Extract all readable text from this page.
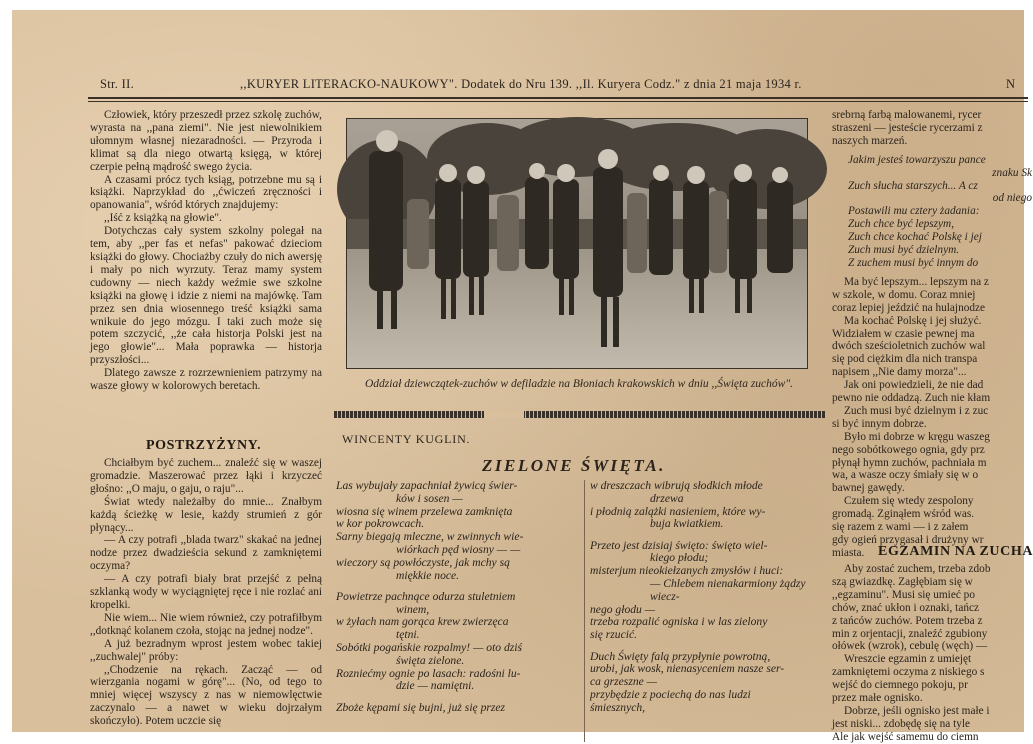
Str. II.	,,KURYER LITERACKO-NAUKOWY". Dodatek do Nru 139. ,,Il. Kuryera Codz." z dnia 21 maja 1934 r.	N

Człowiek, który przeszedł przez szkolę zuchów, wyrasta na ,,pana ziemi". Nie jest niewolnikiem ułomnym własnej niezaradności. — Przyroda i klimat są dla niego otwartą księgą, w której czerpie pełną mądrość swego życia.

A czasami prócz tych ksiąg, potrzebne mu są i książki. Naprzykład do ,,ćwiczeń zręczności i opanowania", wśród których znajdujemy:

,,Iść z książką na głowie".

Dotychczas cały system szkolny polegał na tem, aby ,,per fas et nefas" pakować dzieciom książki do głowy. Chociażby czuły do nich awersję i mały po nich wyrzuty. Teraz mamy system cudowny — niech każdy weźmie swe szkolne książki na głowę i idzie z niemi na majówkę. Tam przez sen dnia wiosennego treść książki sama wnikuie do jego mózgu. I taki zuch może się potem szczycić, ,,że cała historja Polski jest na jego głowie"... Mała poprawka — historja przyszłości...

Dlatego zawsze z rozrzewnieniem patrzymy na wasze głowy w kolorowych beretach.

POSTRZYŻYNY.

Chciałbym być zuchem... znaleźć się w waszej gromadzie. Maszerować przez łąki i krzyczeć głośno: ,,O maju, o gaju, o raju"...

Świat wtedy należałby do mnie... Znałbym każdą ścieżkę w lesie, każdy strumień z gór płynący...

— A czy potrafi ,,blada twarz" skakać na jednej nodze przez dwadzieścia sekund z zamkniętemi oczyma?

— A czy potrafi biały brat przejść z pełną szklanką wody w wyciągniętej ręce i nie rozlać ani kropelki.

Nie wiem... Nie wiem również, czy potrafiłbym ,,dotknąć kolanem czoła, stojąc na jednej nodze".

A już bezradnym wprost jestem wobec takiej ,,zuchwalej" próby:

,,Chodzenie na rękach. Zacząć — od wierzgania nogami w górę"... (No, od tego to mniej więcej wszyscy z nas w niemowlęctwie zaczynalo — a nawet w wieku dojrzałym skończyło). Potem uczcie się

Oddział dziewczątek-zuchów w defiladzie na Błoniach krakowskich w dniu ,,Święta zuchów".
WINCENTY KUGLIN.
ZIELONE ŚWIĘTA.
Las wybujały zapachniał żywicą świer-
ków i sosen —
wiosna się winem przelewa zamknięta
w kor pokrowcach.
Sarny biegają mleczne, w zwinnych wie-
wiórkach pęd wiosny — —
wieczory są powłóczyste, jak mchy są
miękkie noce.
Powietrze pachnące odurza stuletniem
winem,
w żyłach nam gorąca krew zwierzęca
tętni.
Sobótki pogańskie rozpalmy! — oto dziś
święta zielone.
Rozniećmy ognie po lasach: radośni lu-
dzie — namiętni.
Zboże kępami się bujni, już się przez
w dreszczach wibrują słodkich młode
drzewa
i płodnią zalążki nasieniem, które wy-
buja kwiatkiem.
Przeto jest dzisiaj święto: święto wiel-
kiego płodu;
misterjum nieokiełzanych zmysłów i huci:
— Chlebem nienakarmiony żądzy wiecz-
nego głodu —
trzeba rozpalić ogniska i w las zielony
się rzucić.
Duch Święty falą przypłynie powrotną,
urobi, jak wosk, nienasyceniem nasze ser-
ca grzeszne —
przybędzie z pociechą do nas ludzi
śmiesznych,
srebrną farbą malowanemi, rycer
straszeni — jesteście rycerzami z
naszych marzeń.
Jakim jesteś towarzyszu pance
znaku Sk
Zuch słucha starszych... A cz
od niego
Postawili mu cztery żadania:
Zuch chce być lepszym,
Zuch chce kochać Polskę i jej
Zuch musi być dzielnym.
Z zuchem musi być innym do
Ma być lepszym... lepszym na z
w szkole, w domu. Coraz mniej
coraz lepiej jeździć na hulajnodze
Ma kochać Polskę i jej służyć.
Widziałem w czasie pewnej ma
dwóch sześcioletnich zuchów wal
się pod ciężkim dla nich transpa
napisem ,,Nie damy morza"...
Jak oni powiedzieli, że nie dad
pewno nie oddadzą. Zuch nie kłam
Zuch musi być dzielnym i z zuc
si być innym dobrze.
Było mi dobrze w kręgu waszeg
nego sobótkowego ognia, gdy prz
płynął hymn zuchów, pachniała m
wa, a wasze oczy śmiały się w o
bawnej gawędy.
Czułem się wtedy zespolony
gromadą. Zginąłem wśród was.
się razem z wami — i z załem
gdy ogień przygasał i drużyny wr
miasta. EGZAMIN NA ZUCHA
Aby zostać zuchem, trzeba zdob
szą gwiazdkę. Zagłębiam się w
,,egzaminu". Musi się umieć po
chów, znać ukłon i oznaki, tańcz
z tańców zuchów. Potem trzeba z
min z orjentacji, znaleźć zgubiony
ołówek (wzrok), cebulę (węch) —
Wreszcie egzamin z umiejęt
zamkniętemi oczyma z niskiego s
wejść do ciemnego pokoju, pr
przez małe ognisko.
Dobrze, jeśli ognisko jest małe i
jest niski... zdobędę się na tyle
Ale jak wejść samemu do ciemn
